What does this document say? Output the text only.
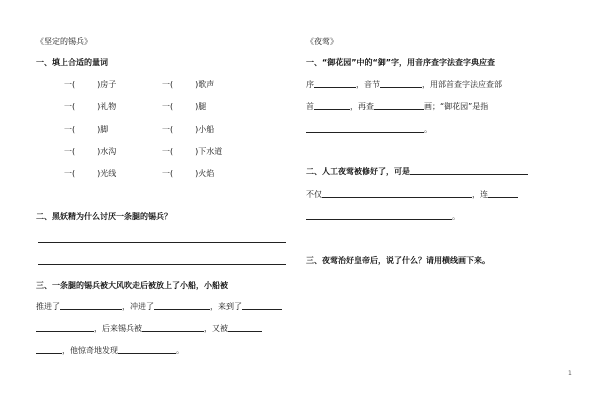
《坚定的锡兵》
一、填上合适的量词
一(	)房子	一(	)歌声
一(	)礼物	一(	)腿
一(	)脚	一(	)小船
一(	)水沟	一(	)下水道
一(	)光线	一(	)火焰
二、黑妖精为什么讨厌一条腿的锡兵？
三、一条腿的锡兵被大风吹走后被放上了小船，小船被
推进了	，冲进了	，来到了
，后来锡兵被	，又被
，他惊奇地发现	。
《夜莺》
一、“御花园”中的“御”字，用音序查字法查字典应查
序	，音节	，用部首查字法应查部
首	，再查	画；“御花园”是指
。
二、人工夜莺被修好了，可是
不仅	，连
。
三、夜莺治好皇帝后，说了什么？请用横线画下来。
1
